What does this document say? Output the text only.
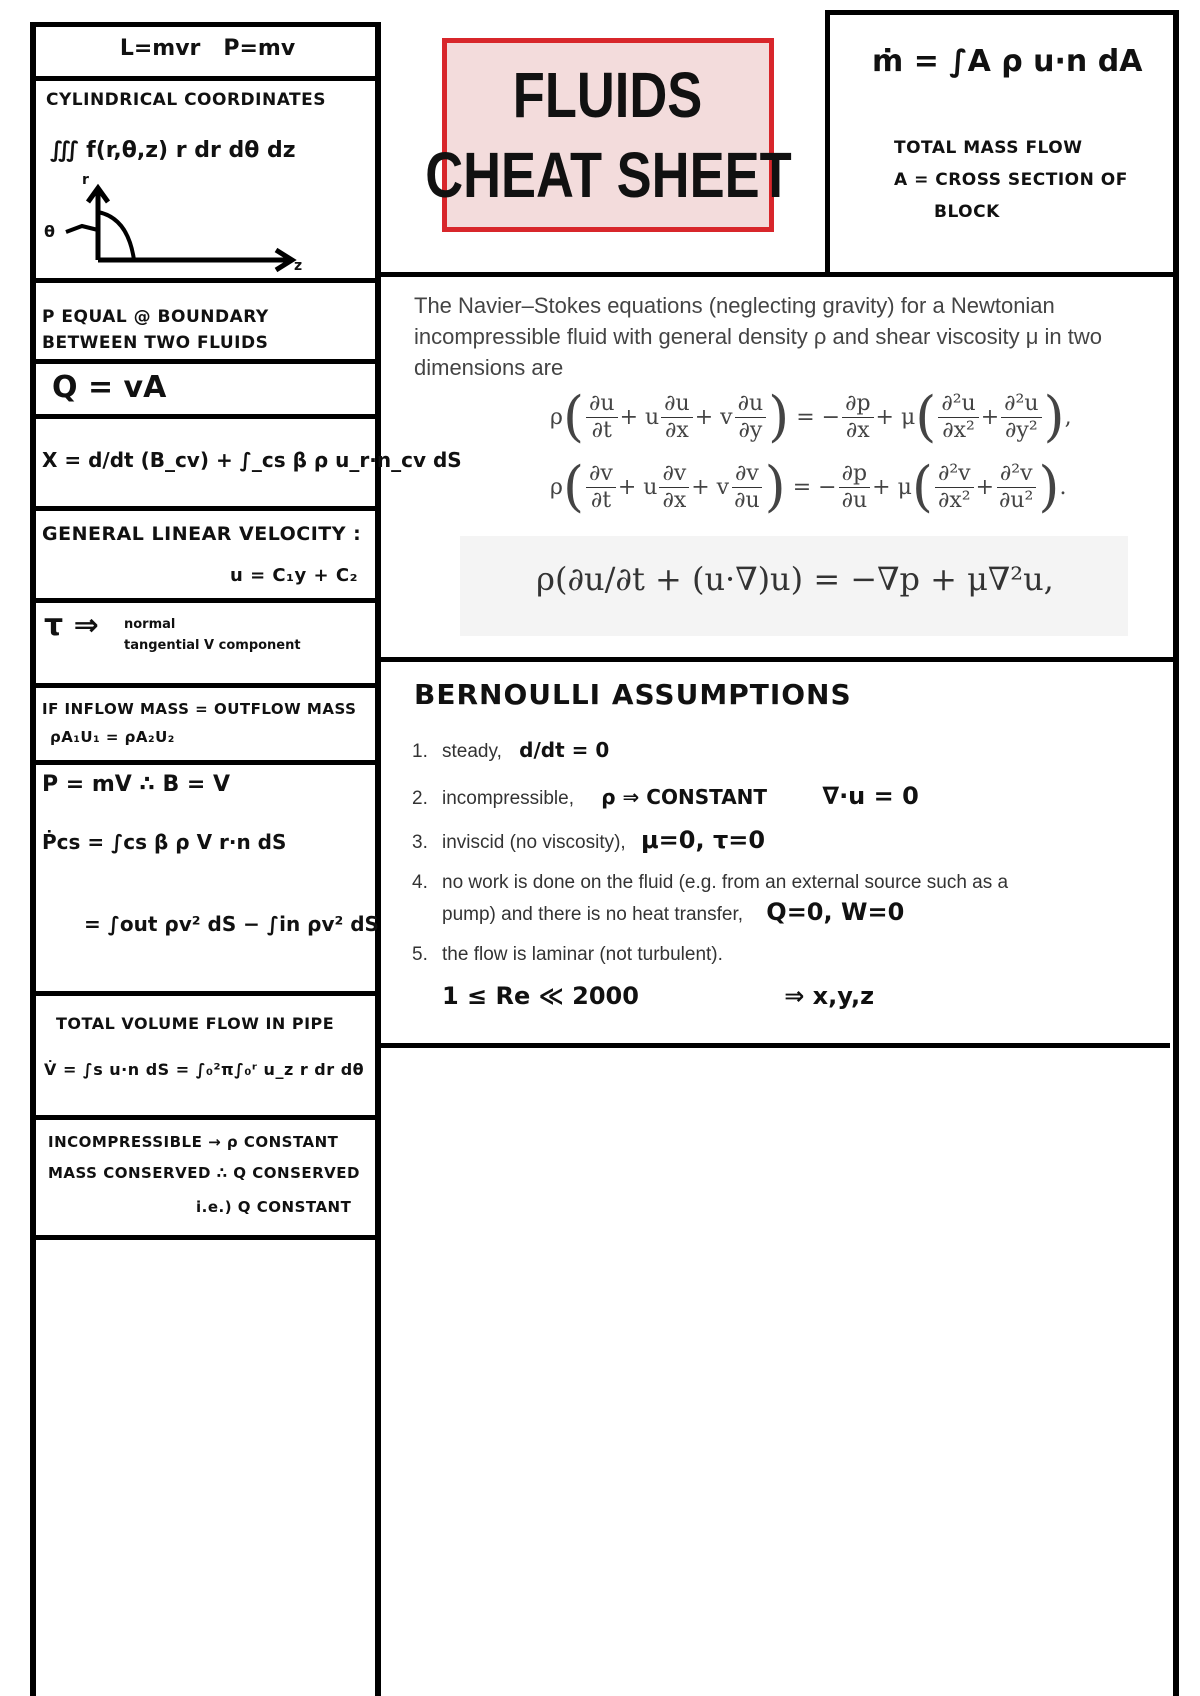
FLUIDS
CHEAT SHEET
L=mvr   P=mv
CYLINDRICAL COORDINATES
∭ f(r,θ,z) r dr dθ dz
r
θ
z
P EQUAL @ BOUNDARY BETWEEN TWO FLUIDS
Q = vA
X = d/dt (B_cv) + ∫_cs β ρ u_r·n_cv dS
GENERAL LINEAR VELOCITY :
u = C₁y + C₂
τ ⇒ normal
tangential V component
IF INFLOW MASS = OUTFLOW MASS
ρA₁U₁ = ρA₂U₂
P = mV ∴ B = V
Ṗcs = ∫cs β ρ V r·n dS
= ∫out ρv² dS − ∫in ρv² dS
TOTAL VOLUME FLOW IN PIPE
V̇ = ∫s u·n dS = ∫₀²π∫₀ʳ u_z r dr dθ
INCOMPRESSIBLE → ρ CONSTANT
MASS CONSERVED ∴ Q CONSERVED
i.e.) Q CONSTANT
ṁ = ∫A ρ u·n dA
TOTAL MASS FLOW
A = CROSS SECTION OF
BLOCK
The Navier–Stokes equations (neglecting gravity) for a Newtonian incompressible fluid with general density ρ and shear viscosity μ in two dimensions are
ρ ( $\frac{\partial u}{\partial t} + u \frac{\partial u}{\partial x} + v \frac{\partial u}{\partial y}$ ) = − $\frac{\partial p}{\partial x} + \mu$ ( $\frac{\text{∂²u}}{\text{∂x²}} + \frac{\text{∂²u}}{\text{∂y²}}$ ) ,
ρ ( $\frac{\partial v}{\partial t} + u \frac{\partial v}{\partial x} + v \frac{\partial v}{\partial u}$ ) = − $\frac{\partial p}{\partial u} + \mu$ ( $\frac{\text{∂²v}}{\text{∂x²}} + \frac{\text{∂²v}}{\text{∂u²}}$ ) .
ρ(∂u/∂t + (u·∇)u) = −∇p + μ∇²u,
BERNOULLI ASSUMPTIONS
1. steady, d/dt = 0
2. incompressible, ρ ⇒ CONSTANT ∇·u = 0
3. inviscid (no viscosity), μ=0, τ=0
4. no work is done on the fluid (e.g. from an external source such as a
pump) and there is no heat transfer, Q=0, W=0
5. the flow is laminar (not turbulent).
1 ≤ Re ≪ 2000	⇒ x,y,z
